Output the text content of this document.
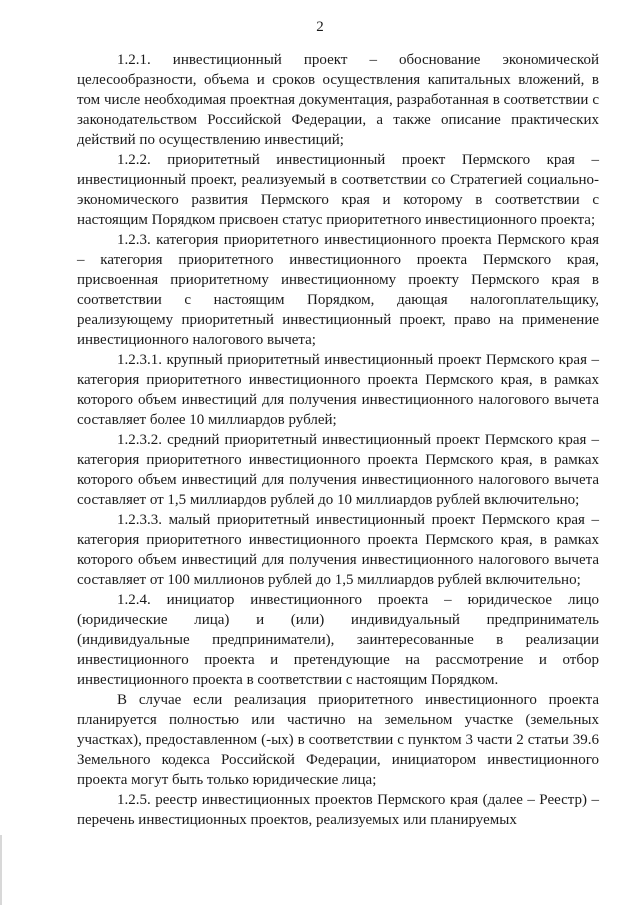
2

1.2.1. инвестиционный проект – обоснование экономической целесообразности, объема и сроков осуществления капитальных вложений, в том числе необходимая проектная документация, разработанная в соответствии с законодательством Российской Федерации, а также описание практических действий по осуществлению инвестиций;

1.2.2. приоритетный инвестиционный проект Пермского края – инвестиционный проект, реализуемый в соответствии со Стратегией социально-экономического развития Пермского края и которому в соответствии с настоящим Порядком присвоен статус приоритетного инвестиционного проекта;

1.2.3. категория приоритетного инвестиционного проекта Пермского края – категория приоритетного инвестиционного проекта Пермского края, присвоенная приоритетному инвестиционному проекту Пермского края в соответствии с настоящим Порядком, дающая налогоплательщику, реализующему приоритетный инвестиционный проект, право на применение инвестиционного налогового вычета;

1.2.3.1. крупный приоритетный инвестиционный проект Пермского края – категория приоритетного инвестиционного проекта Пермского края, в рамках которого объем инвестиций для получения инвестиционного налогового вычета составляет более 10 миллиардов рублей;

1.2.3.2. средний приоритетный инвестиционный проект Пермского края – категория приоритетного инвестиционного проекта Пермского края, в рамках которого объем инвестиций для получения инвестиционного налогового вычета составляет от 1,5 миллиардов рублей до 10 миллиардов рублей включительно;

1.2.3.3. малый приоритетный инвестиционный проект Пермского края – категория приоритетного инвестиционного проекта Пермского края, в рамках которого объем инвестиций для получения инвестиционного налогового вычета составляет от 100 миллионов рублей до 1,5 миллиардов рублей включительно;

1.2.4. инициатор инвестиционного проекта – юридическое лицо (юридические лица) и (или) индивидуальный предприниматель (индивидуальные предприниматели), заинтересованные в реализации инвестиционного проекта и претендующие на рассмотрение и отбор инвестиционного проекта в соответствии с настоящим Порядком.

В случае если реализация приоритетного инвестиционного проекта планируется полностью или частично на земельном участке (земельных участках), предоставленном (-ых) в соответствии с пунктом 3 части 2 статьи 39.6 Земельного кодекса Российской Федерации, инициатором инвестиционного проекта могут быть только юридические лица;

1.2.5. реестр инвестиционных проектов Пермского края (далее – Реестр) – перечень инвестиционных проектов, реализуемых или планируемых
